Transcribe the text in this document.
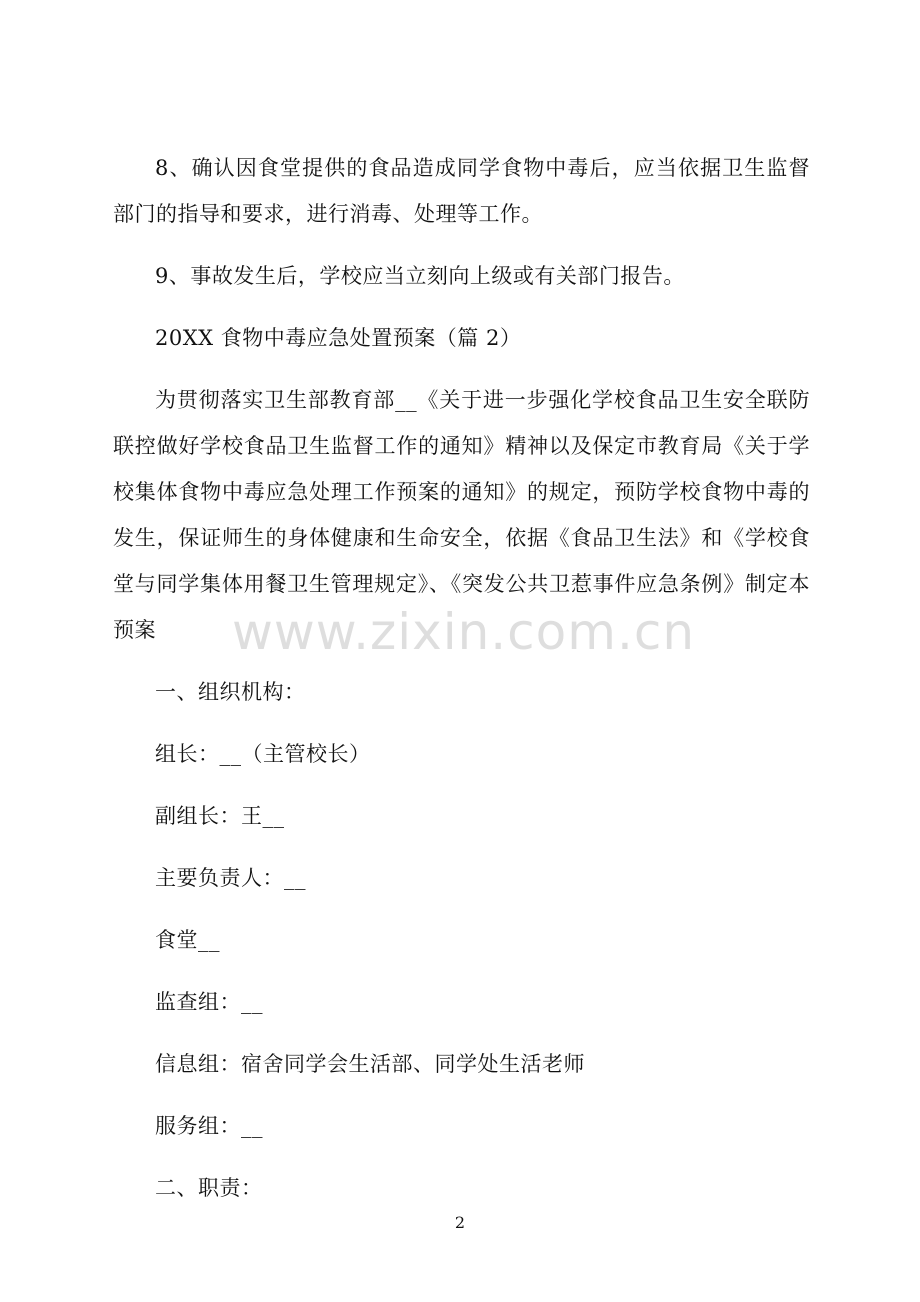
8、确认因食堂提供的食品造成同学食物中毒后，应当依据卫生监督部门的指导和要求，进行消毒、处理等工作。

9、事故发生后，学校应当立刻向上级或有关部门报告。

20XX 食物中毒应急处置预案（篇 2）

为贯彻落实卫生部教育部__《关于进一步强化学校食品卫生安全联防联控做好学校食品卫生监督工作的通知》精神以及保定市教育局《关于学校集体食物中毒应急处理工作预案的通知》的规定，预防学校食物中毒的发生，保证师生的身体健康和生命安全，依据《食品卫生法》和《学校食堂与同学集体用餐卫生管理规定》、《突发公共卫惹事件应急条例》制定本预案

一、组织机构：

组长：__（主管校长）

副组长：王__

主要负责人：__

食堂__

监查组：__

信息组：宿舍同学会生活部、同学处生活老师

服务组：__

二、职责：

www.zixin.com.cn
2
